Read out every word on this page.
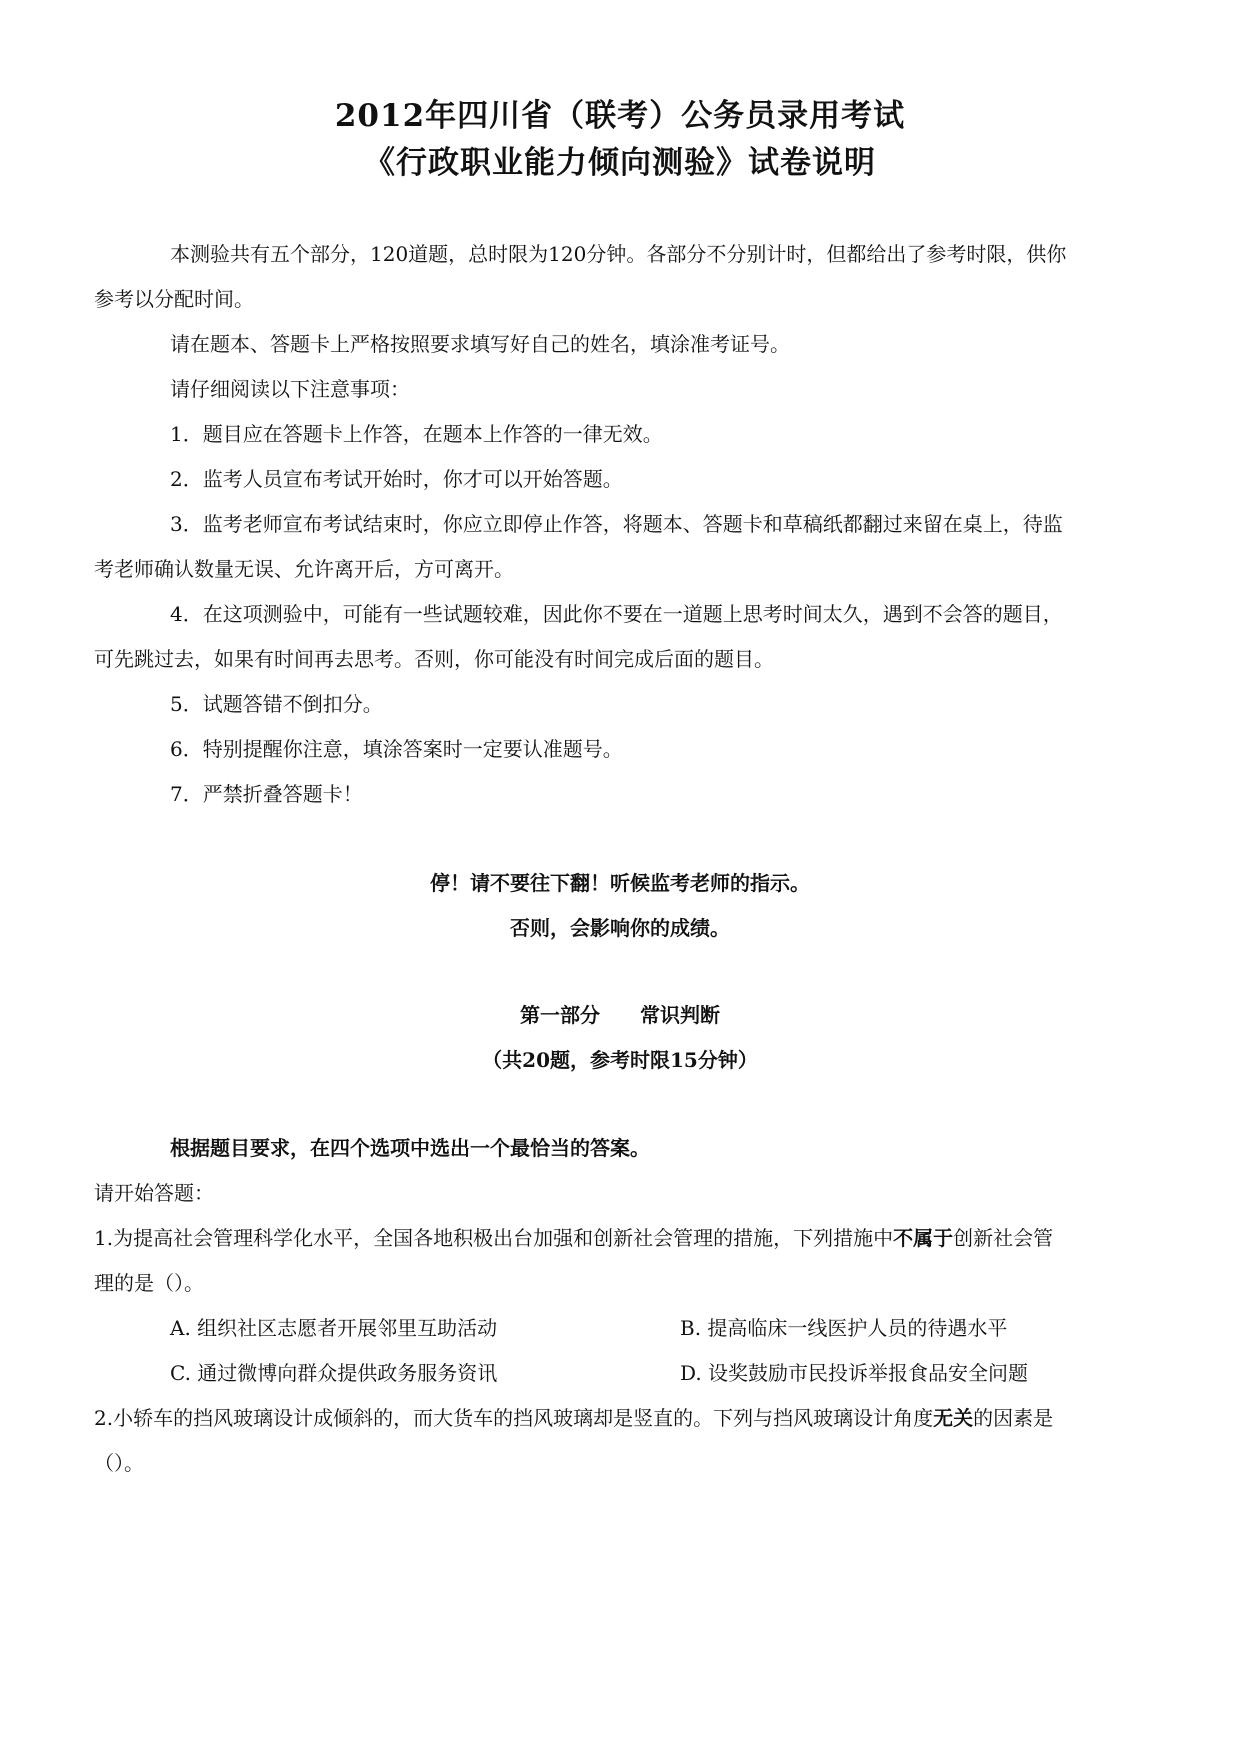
2012年四川省（联考）公务员录用考试
《行政职业能力倾向测验》试卷说明
本测验共有五个部分，120道题，总时限为120分钟。各部分不分别计时，但都给出了参考时限，供你
参考以分配时间。
请在题本、答题卡上严格按照要求填写好自己的姓名，填涂准考证号。
请仔细阅读以下注意事项：
1．题目应在答题卡上作答，在题本上作答的一律无效。
2．监考人员宣布考试开始时，你才可以开始答题。
3．监考老师宣布考试结束时，你应立即停止作答，将题本、答题卡和草稿纸都翻过来留在桌上，待监
考老师确认数量无误、允许离开后，方可离开。
4．在这项测验中，可能有一些试题较难，因此你不要在一道题上思考时间太久，遇到不会答的题目，
可先跳过去，如果有时间再去思考。否则，你可能没有时间完成后面的题目。
5．试题答错不倒扣分。
6．特别提醒你注意，填涂答案时一定要认准题号。
7．严禁折叠答题卡！
停！请不要往下翻！听候监考老师的指示。
否则，会影响你的成绩。
第一部分 常识判断
（共20题，参考时限15分钟）
根据题目要求，在四个选项中选出一个最恰当的答案。
请开始答题：
1.为提高社会管理科学化水平，全国各地积极出台加强和创新社会管理的措施，下列措施中不属于创新社会管
理的是（）。
A. 组织社区志愿者开展邻里互助活动	B. 提高临床一线医护人员的待遇水平
C. 通过微博向群众提供政务服务资讯	D. 设奖鼓励市民投诉举报食品安全问题
2.小轿车的挡风玻璃设计成倾斜的，而大货车的挡风玻璃却是竖直的。下列与挡风玻璃设计角度无关的因素是
（）。
